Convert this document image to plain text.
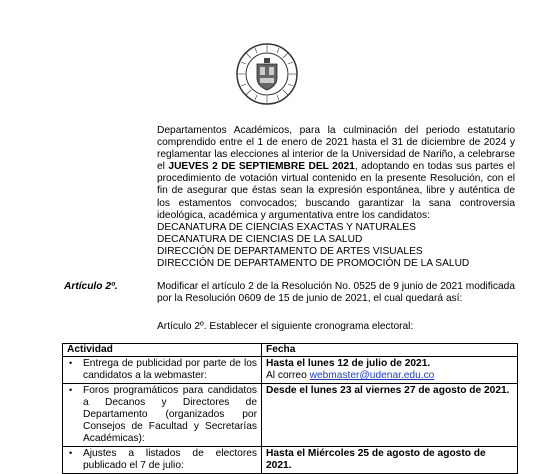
Departamentos Académicos, para la culminación del periodo estatutario comprendido entre el 1 de enero de 2021 hasta el 31 de diciembre de 2024 y reglamentar las elecciones al interior de la Universidad de Nariño, a celebrarse el JUEVES 2 DE SEPTIEMBRE DEL 2021, adoptando en todas sus partes el procedimiento de votación virtual contenido en la presente Resolución, con el fin de asegurar que éstas sean la expresión espontánea, libre y auténtica de los estamentos convocados; buscando garantizar la sana controversia ideológica, académica y argumentativa entre los candidatos:

DECANATURA DE CIENCIAS EXACTAS Y NATURALES
DECANATURA DE CIENCIAS DE LA SALUD
DIRECCIÓN DE DEPARTAMENTO DE ARTES VISUALES
DIRECCIÓN DE DEPARTAMENTO DE PROMOCIÓN DE LA SALUD
Artículo 2º.	Modificar el artículo 2 de la Resolución No. 0525 de 9 junio de 2021 modificada por la Resolución 0609 de 15 de junio de 2021, el cual quedará así:

Artículo 2º. Establecer el siguiente cronograma electoral:
Actividad	Fecha

• Entrega de publicidad por parte de los candidatos a la webmaster:	Hasta el lunes 12 de julio de 2021.
Al correo webmaster@udenar.edu.co

• Foros programáticos para candidatos a Decanos y Directores de Departamento (organizados por Consejos de Facultad y Secretarías Académicas):	Desde el lunes 23 al viernes 27 de agosto de 2021.

• Ajustes a listados de electores publicado el 7 de julio:	Hasta el Miércoles 25 de agosto de agosto de 2021.
